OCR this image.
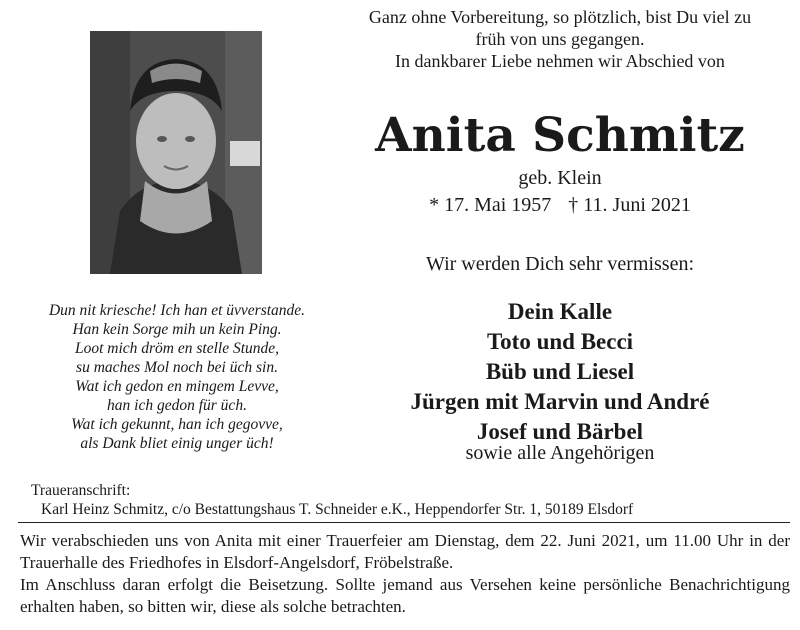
Ganz ohne Vorbereitung, so plötzlich, bist Du viel zu
früh von uns gegangen.
In dankbarer Liebe nehmen wir Abschied von
Anita Schmitz
geb. Klein
* 17. Mai 1957 † 11. Juni 2021
Wir werden Dich sehr vermissen:
Dun nit kriesche! Ich han et üvverstande.
Han kein Sorge mih un kein Ping.
Loot mich dröm en stelle Stunde,
su maches Mol noch bei üch sin.
Wat ich gedon en mingem Levve,
han ich gedon für üch.
Wat ich gekunnt, han ich gegovve,
als Dank bliet einig unger üch!
Dein Kalle
Toto und Becci
Büb und Liesel
Jürgen mit Marvin und André
Josef und Bärbel
sowie alle Angehörigen
Traueranschrift:
Karl Heinz Schmitz, c/o Bestattungshaus T. Schneider e.K., Heppendorfer Str. 1, 50189 Elsdorf

Wir verabschieden uns von Anita mit einer Trauerfeier am Dienstag, dem 22. Juni 2021, um 11.00 Uhr in der Trauerhalle des Friedhofes in Elsdorf-Angelsdorf, Fröbelstraße.

Im Anschluss daran erfolgt die Beisetzung. Sollte jemand aus Versehen keine persönliche Benachrichtigung erhalten haben, so bitten wir, diese als solche betrachten.
